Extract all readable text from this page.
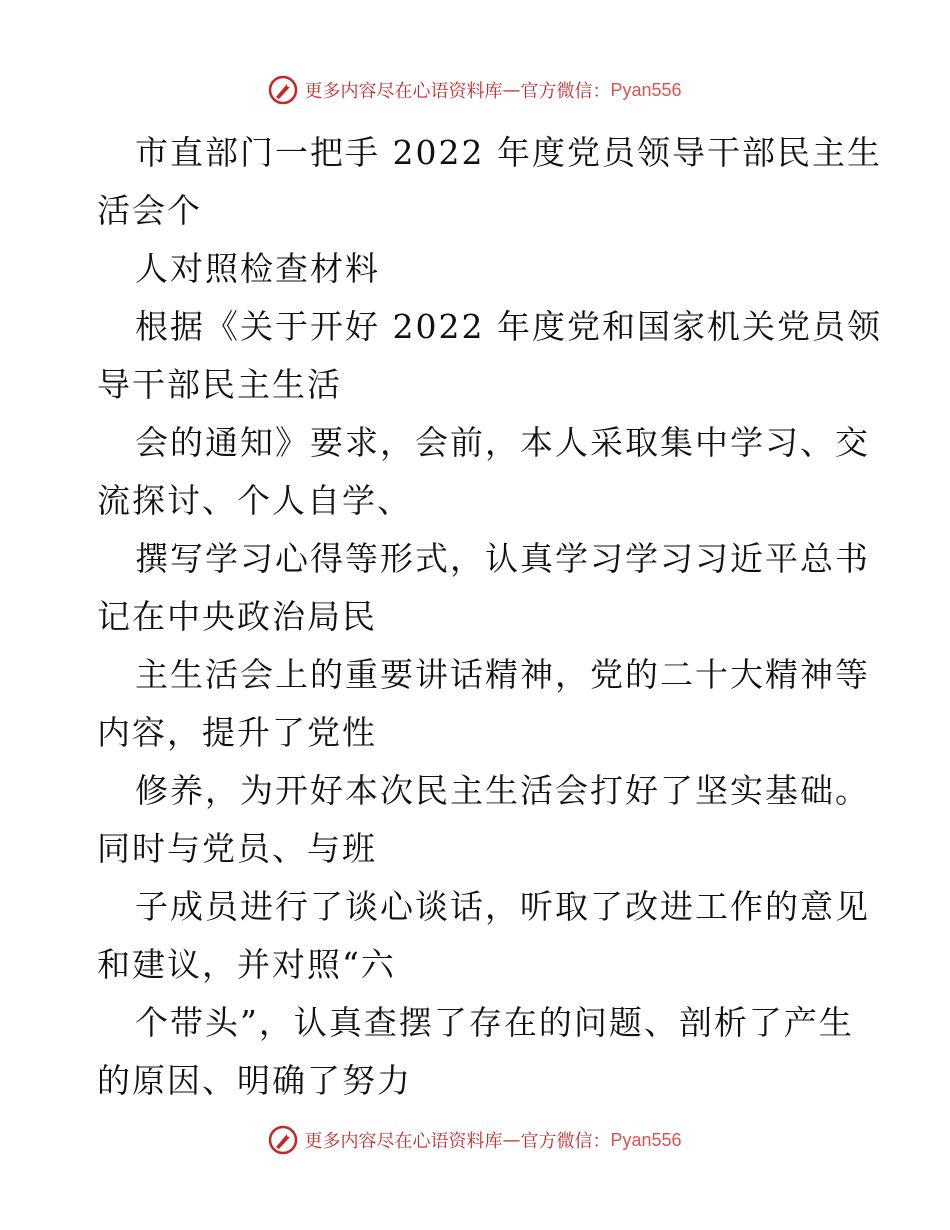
更多内容尽在心语资料库 — 官方微信： Pyan556
市直部门一把手 2022 年度党员领导干部民主生
活会个
人对照检查材料
根据《关于开好 2022 年度党和国家机关党员领
导干部民主生活
会的通知》要求，会前，本人采取集中学习、交
流探讨、个人自学、
撰写学习心得等形式，认真学习学习习近平总书
记在中央政治局民
主生活会上的重要讲话精神，党的二十大精神等
内容，提升了党性
修养，为开好本次民主生活会打好了坚实基础。
同时与党员、与班
子成员进行了谈心谈话，听取了改进工作的意见
和建议，并对照“六
个带头”，认真查摆了存在的问题、剖析了产生
的原因、明确了努力
更多内容尽在心语资料库 — 官方微信： Pyan556
